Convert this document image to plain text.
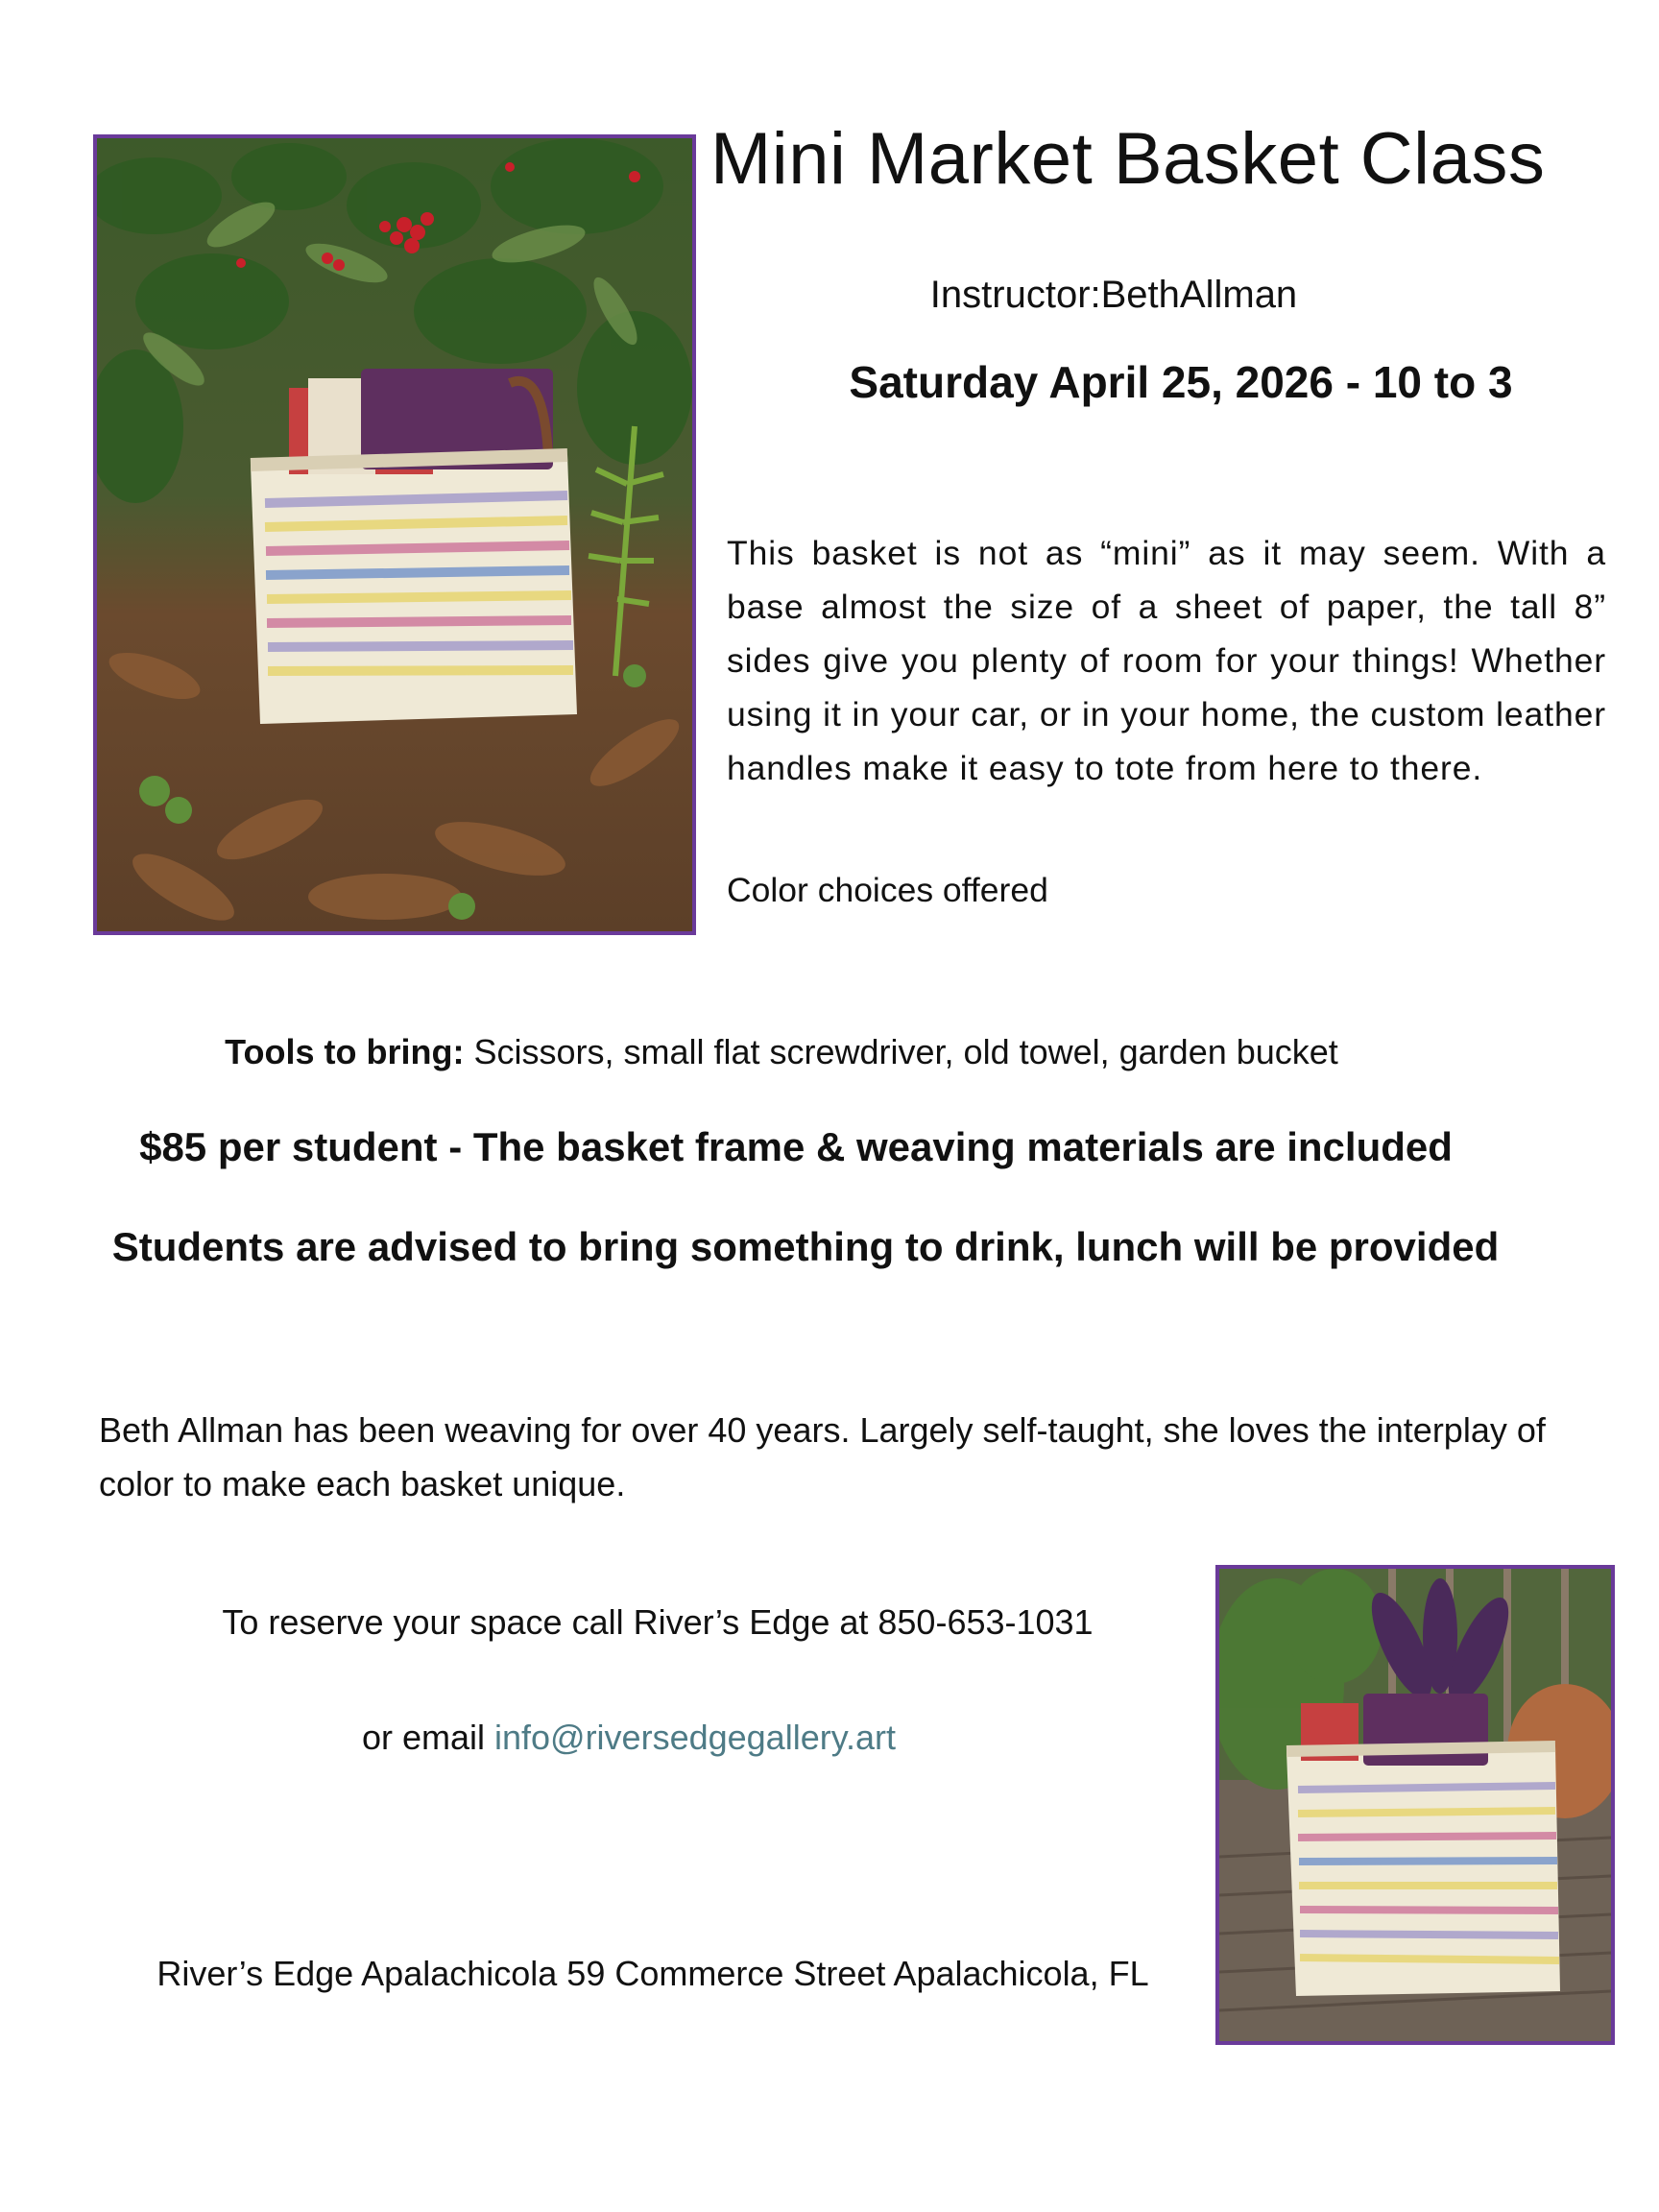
Mini Market Basket Class
Instructor:BethAllman
Saturday April 25, 2026 - 10 to 3
This basket is not as “mini” as it may seem. With a base almost the size of a sheet of paper, the tall 8” sides give you plenty of room for your things! Whether using it in your car, or in your home, the custom leather handles make it easy to tote from here to there.
Color choices offered
Tools to bring: Scissors, small flat screwdriver, old towel, garden bucket
$85 per student - The basket frame & weaving materials are included
Students are advised to bring something to drink, lunch will be provided
Beth Allman has been weaving for over 40 years. Largely self-taught, she loves the interplay of color to make each basket unique.
To reserve your space call River’s Edge at 850-653-1031
or email info@riversedgegallery.art
River’s Edge Apalachicola 59 Commerce Street Apalachicola, FL
